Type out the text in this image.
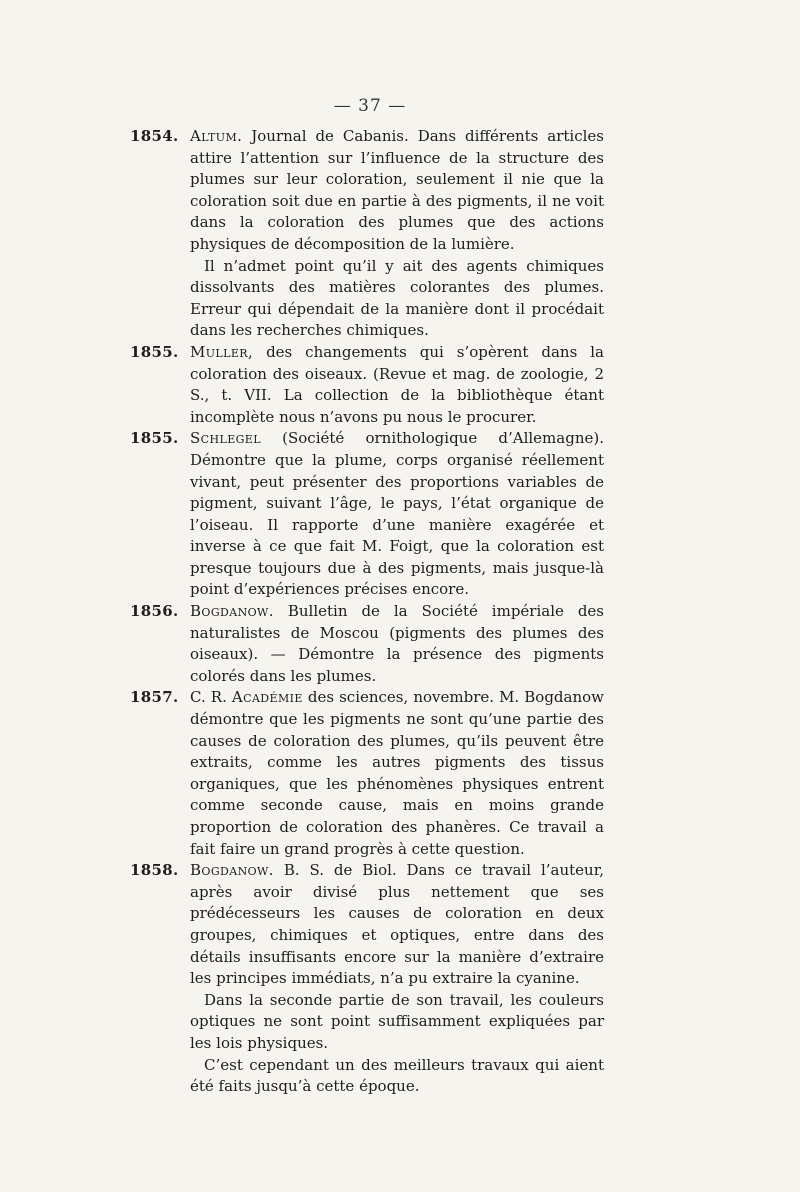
— 37 —
1854. Altum. Journal de Cabanis. Dans différents articles attire l’attention sur l’influence de la structure des plumes sur leur coloration, seulement il nie que la coloration soit due en partie à des pigments, il ne voit dans la coloration des plumes que des actions physiques de décomposition de la lumière.

Il n’admet point qu’il y ait des agents chimiques dissolvants des matières colorantes des plumes. Erreur qui dépendait de la manière dont il procédait dans les recherches chimiques.

1855. Muller, des changements qui s’opèrent dans la coloration des oiseaux. (Revue et mag. de zoologie, 2 S., t. VII. La collection de la bibliothèque étant incomplète nous n’avons pu nous le procurer.

1855. Schlegel (Société ornithologique d’Allemagne). Démontre que la plume, corps organisé réellement vivant, peut présenter des proportions variables de pigment, suivant l’âge, le pays, l’état organique de l’oiseau. Il rapporte d’une manière exagérée et inverse à ce que fait M. Foigt, que la coloration est presque toujours due à des pigments, mais jusque-là point d’expériences précises encore.

1856. Bogdanow. Bulletin de la Société impériale des naturalistes de Moscou (pigments des plumes des oiseaux). — Démontre la présence des pigments colorés dans les plumes.

1857. C. R. Académie des sciences, novembre. M. Bogdanow démontre que les pigments ne sont qu’une partie des causes de coloration des plumes, qu’ils peuvent être extraits, comme les autres pigments des tissus organiques, que les phénomènes physiques entrent comme seconde cause, mais en moins grande proportion de coloration des phanères. Ce travail a fait faire un grand progrès à cette question.

1858. Bogdanow. B. S. de Biol. Dans ce travail l’auteur, après avoir divisé plus nettement que ses prédécesseurs les causes de coloration en deux groupes, chimiques et optiques, entre dans des détails insuffisants encore sur la manière d’extraire les principes immédiats, n’a pu extraire la cyanine.

Dans la seconde partie de son travail, les couleurs optiques ne sont point suffisamment expliquées par les lois physiques.

C’est cependant un des meilleurs travaux qui aient été faits jusqu’à cette époque.
